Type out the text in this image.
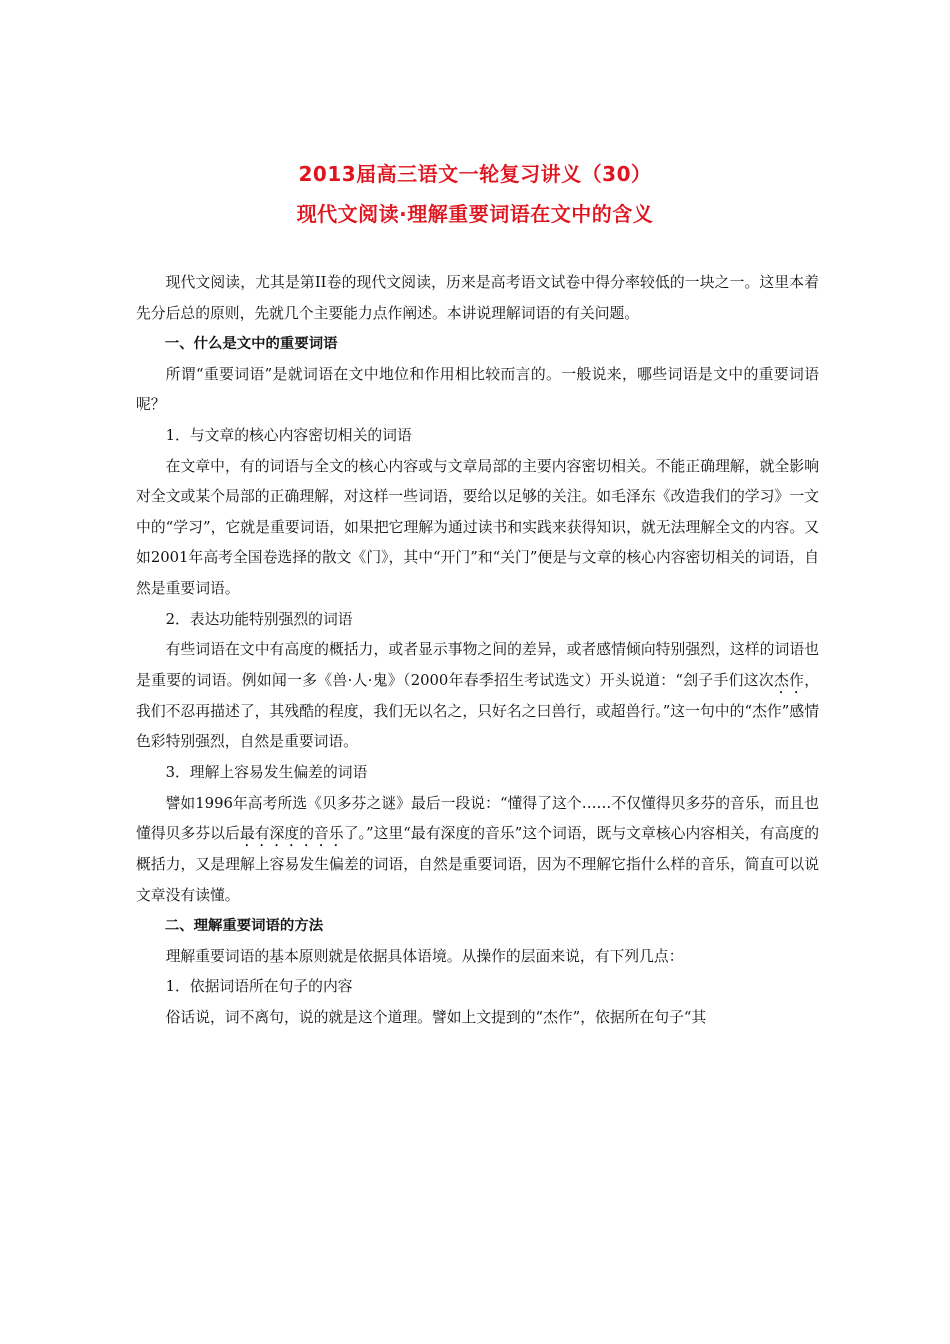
2013届高三语文一轮复习讲义（30）
现代文阅读·理解重要词语在文中的含义

现代文阅读，尤其是第II卷的现代文阅读，历来是高考语文试卷中得分率较低的一块之一。这里本着先分后总的原则，先就几个主要能力点作阐述。本讲说理解词语的有关问题。

一、什么是文中的重要词语

所谓“重要词语”是就词语在文中地位和作用相比较而言的。一般说来，哪些词语是文中的重要词语呢？

1．与文章的核心内容密切相关的词语

在文章中，有的词语与全文的核心内容或与文章局部的主要内容密切相关。不能正确理解，就全影响对全文或某个局部的正确理解，对这样一些词语，要给以足够的关注。如毛泽东《改造我们的学习》一文中的“学习”，它就是重要词语，如果把它理解为通过读书和实践来获得知识，就无法理解全文的内容。又如2001年高考全国卷选择的散文《门》，其中“开门”和“关门”便是与文章的核心内容密切相关的词语，自然是重要词语。

2．表达功能特别强烈的词语

有些词语在文中有高度的概括力，或者显示事物之间的差异，或者感情倾向特别强烈，这样的词语也是重要的词语。例如闻一多《兽·人·鬼》（2000年春季招生考试选文）开头说道：“刽子手们这次杰作，我们不忍再描述了，其残酷的程度，我们无以名之，只好名之曰兽行，或超兽行。”这一句中的“杰作”感情色彩特别强烈，自然是重要词语。

3．理解上容易发生偏差的词语

譬如1996年高考所选《贝多芬之谜》最后一段说：“懂得了这个……不仅懂得贝多芬的音乐，而且也懂得贝多芬以后最有深度的音乐了。”这里“最有深度的音乐”这个词语，既与文章核心内容相关，有高度的概括力，又是理解上容易发生偏差的词语，自然是重要词语，因为不理解它指什么样的音乐，简直可以说文章没有读懂。

二、理解重要词语的方法

理解重要词语的基本原则就是依据具体语境。从操作的层面来说，有下列几点：

1．依据词语所在句子的内容

俗话说，词不离句，说的就是这个道理。譬如上文提到的“杰作”，依据所在句子“其
